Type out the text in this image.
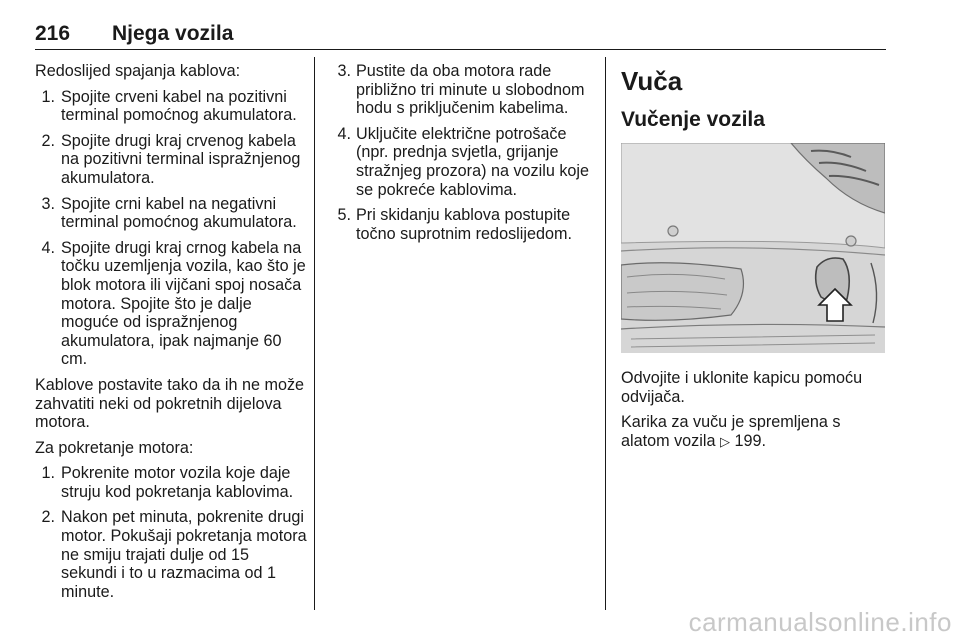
216 Njega vozila

Redoslijed spajanja kablova:

1. Spojite crveni kabel na pozitivni terminal pomoćnog akumulatora.
2. Spojite drugi kraj crvenog kabela na pozitivni terminal ispražnjenog akumulatora.
3. Spojite crni kabel na negativni terminal pomoćnog akumulatora.
4. Spojite drugi kraj crnog kabela na točku uzemljenja vozila, kao što je blok motora ili vijčani spoj nosača motora. Spojite što je dalje moguće od ispražnjenog akumulatora, ipak najmanje 60 cm.

Kablove postavite tako da ih ne može zahvatiti neki od pokretnih dijelova motora.

Za pokretanje motora:

1. Pokrenite motor vozila koje daje struju kod pokretanja kablovima.
2. Nakon pet minuta, pokrenite drugi motor. Pokušaji pokretanja motora ne smiju trajati dulje od 15 sekundi i to u razmacima od 1 minute.
3. Pustite da oba motora rade približno tri minute u slobodnom hodu s priključenim kabelima.
4. Uključite električne potrošače (npr. prednja svjetla, grijanje stražnjeg prozora) na vozilu koje se pokreće kablovima.
5. Pri skidanju kablova postupite točno suprotnim redoslijedom.
Vuča
Vučenje vozila

Odvojite i uklonite kapicu pomoću odvijača.

Karika za vuču je spremljena s alatom vozila ▷ 199.

carmanualsonline.info
